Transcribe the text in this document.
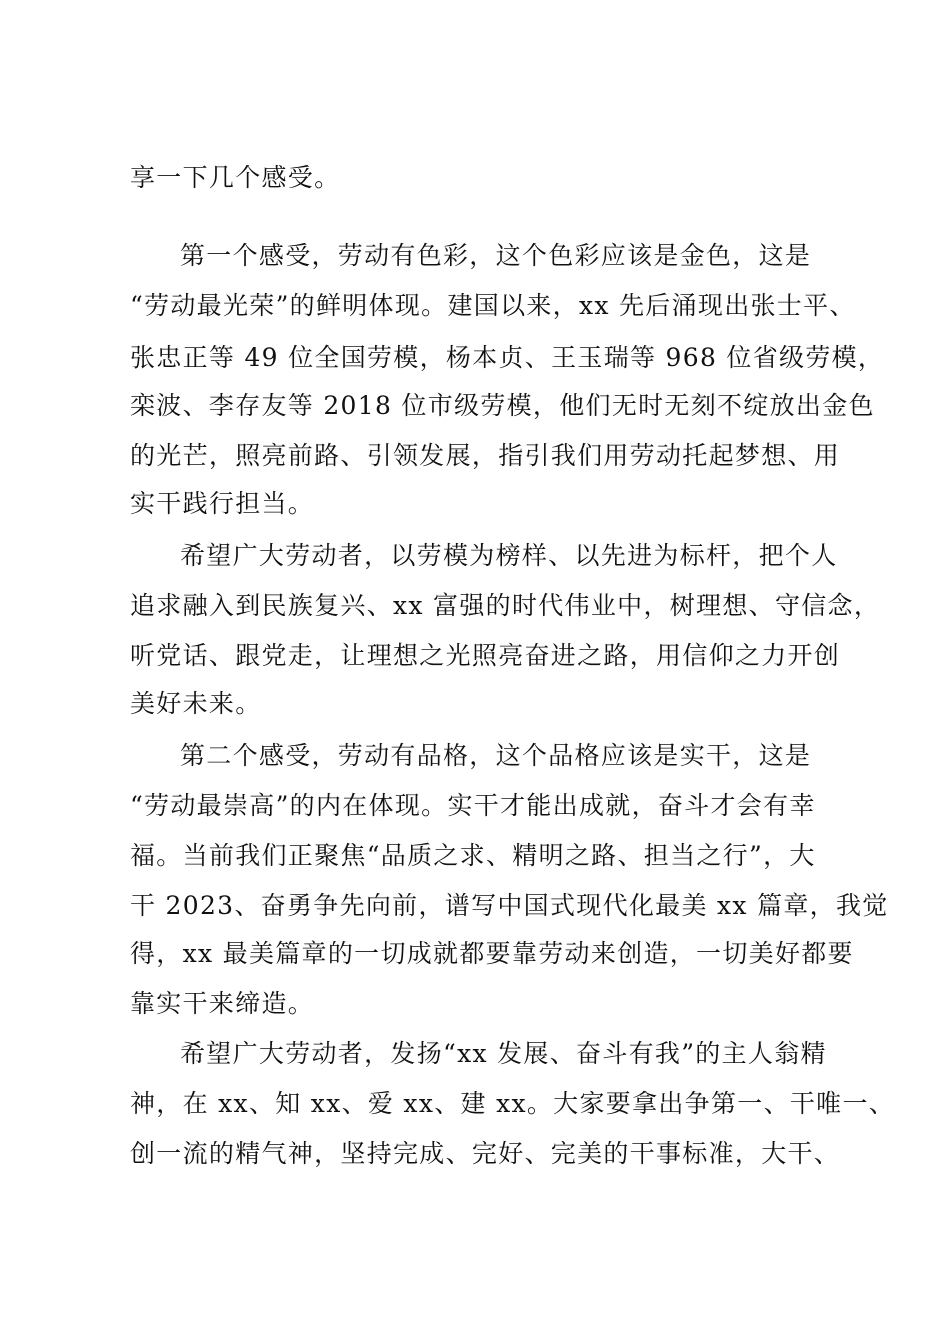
享一下几个感受。

第一个感受，劳动有色彩，这个色彩应该是金色，这是

“劳动最光荣”的鲜明体现。建国以来，xx 先后涌现出张士平、

张忠正等 49 位全国劳模，杨本贞、王玉瑞等 968 位省级劳模，

栾波、李存友等 2018 位市级劳模，他们无时无刻不绽放出金色

的光芒，照亮前路、引领发展，指引我们用劳动托起梦想、用

实干践行担当。

希望广大劳动者，以劳模为榜样、以先进为标杆，把个人

追求融入到民族复兴、xx 富强的时代伟业中，树理想、守信念，

听党话、跟党走，让理想之光照亮奋进之路，用信仰之力开创

美好未来。

第二个感受，劳动有品格，这个品格应该是实干，这是

“劳动最崇高”的内在体现。实干才能出成就，奋斗才会有幸

福。当前我们正聚焦“品质之求、精明之路、担当之行”，大

干 2023、奋勇争先向前，谱写中国式现代化最美 xx 篇章，我觉

得，xx 最美篇章的一切成就都要靠劳动来创造，一切美好都要

靠实干来缔造。

希望广大劳动者，发扬“xx 发展、奋斗有我”的主人翁精

神，在 xx、知 xx、爱 xx、建 xx。大家要拿出争第一、干唯一、

创一流的精气神，坚持完成、完好、完美的干事标准，大干、
